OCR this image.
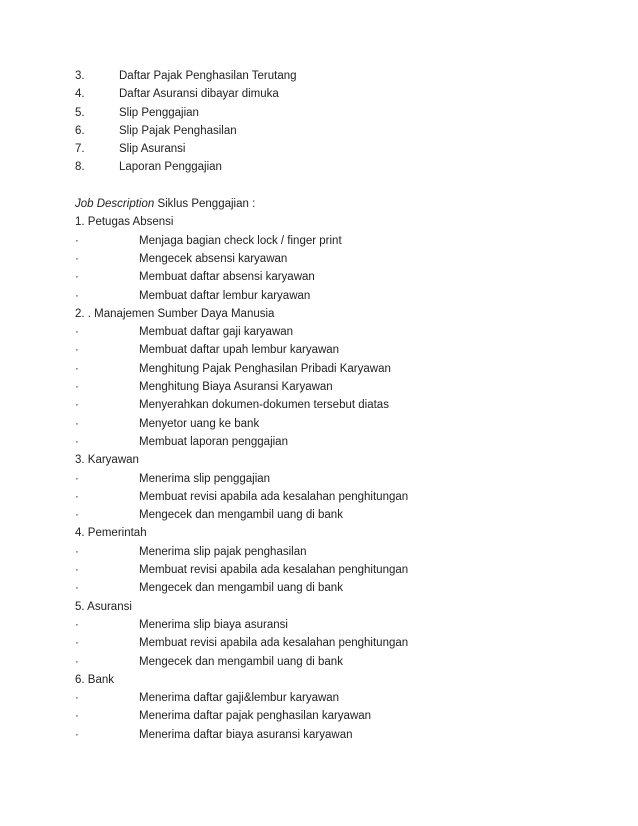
3.	Daftar Pajak Penghasilan Terutang
4.	Daftar Asuransi dibayar dimuka
5.	Slip Penggajian
6.	Slip Pajak Penghasilan
7.	Slip Asuransi
8.	Laporan Penggajian
Job Description Siklus Penggajian :
1. Petugas Absensi
·	Menjaga bagian check lock / finger print
·	Mengecek absensi karyawan
·	Membuat daftar absensi karyawan
·	Membuat daftar lembur karyawan
2. . Manajemen Sumber Daya Manusia
·	Membuat daftar gaji karyawan
·	Membuat daftar upah lembur karyawan
·	Menghitung Pajak Penghasilan Pribadi Karyawan
·	Menghitung Biaya Asuransi Karyawan
·	Menyerahkan dokumen-dokumen tersebut diatas
·	Menyetor uang ke bank
·	Membuat laporan penggajian
3. Karyawan
·	Menerima slip penggajian
·	Membuat revisi apabila ada kesalahan penghitungan
·	Mengecek dan mengambil uang di bank
4. Pemerintah
·	Menerima slip pajak penghasilan
·	Membuat revisi apabila ada kesalahan penghitungan
·	Mengecek dan mengambil uang di bank
5. Asuransi
·	Menerima slip biaya asuransi
·	Membuat revisi apabila ada kesalahan penghitungan
·	Mengecek dan mengambil uang di bank
6. Bank
·	Menerima daftar gaji&lembur karyawan
·	Menerima daftar pajak penghasilan karyawan
·	Menerima daftar biaya asuransi karyawan
